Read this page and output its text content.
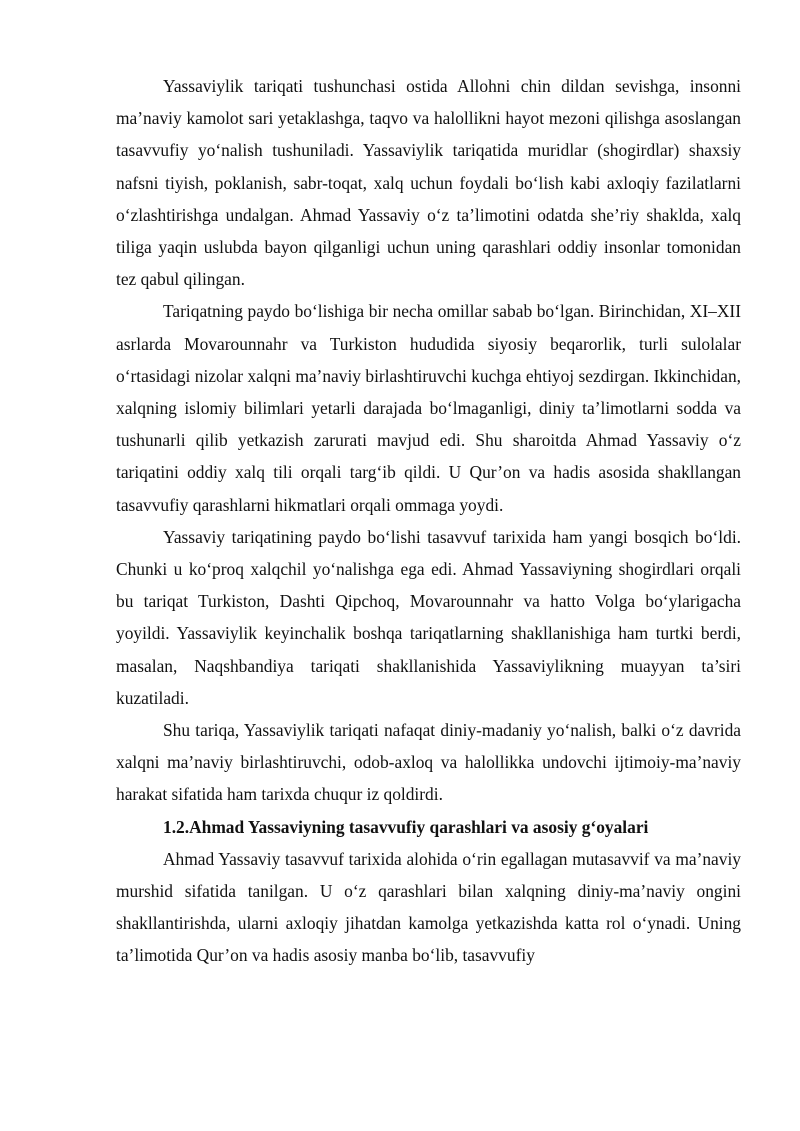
Yassaviylik tariqati tushunchasi ostida Allohni chin dildan sevishga, insonni ma’naviy kamolot sari yetaklashga, taqvo va halollikni hayot mezoni qilishga asoslangan tasavvufiy yo‘nalish tushuniladi. Yassaviylik tariqatida muridlar (shogirdlar) shaxsiy nafsni tiyish, poklanish, sabr-toqat, xalq uchun foydali bo‘lish kabi axloqiy fazilatlarni o‘zlashtirishga undalgan. Ahmad Yassaviy o‘z ta’limotini odatda she’riy shaklda, xalq tiliga yaqin uslubda bayon qilganligi uchun uning qarashlari oddiy insonlar tomonidan tez qabul qilingan.

Tariqatning paydo bo‘lishiga bir necha omillar sabab bo‘lgan. Birinchidan, XI–XII asrlarda Movarounnahr va Turkiston hududida siyosiy beqarorlik, turli sulolalar o‘rtasidagi nizolar xalqni ma’naviy birlashtiruvchi kuchga ehtiyoj sezdirgan. Ikkinchidan, xalqning islomiy bilimlari yetarli darajada bo‘lmaganligi, diniy ta’limotlarni sodda va tushunarli qilib yetkazish zarurati mavjud edi. Shu sharoitda Ahmad Yassaviy o‘z tariqatini oddiy xalq tili orqali targ‘ib qildi. U Qur’on va hadis asosida shakllangan tasavvufiy qarashlarni hikmatlari orqali ommaga yoydi.

Yassaviy tariqatining paydo bo‘lishi tasavvuf tarixida ham yangi bosqich bo‘ldi. Chunki u ko‘proq xalqchil yo‘nalishga ega edi. Ahmad Yassaviyning shogirdlari orqali bu tariqat Turkiston, Dashti Qipchoq, Movarounnahr va hatto Volga bo‘ylarigacha yoyildi. Yassaviylik keyinchalik boshqa tariqatlarning shakllanishiga ham turtki berdi, masalan, Naqshbandiya tariqati shakllanishida Yassaviylikning muayyan ta’siri kuzatiladi.

Shu tariqa, Yassaviylik tariqati nafaqat diniy-madaniy yo‘nalish, balki o‘z davrida xalqni ma’naviy birlashtiruvchi, odob-axloq va halollikka undovchi ijtimoiy-ma’naviy harakat sifatida ham tarixda chuqur iz qoldirdi.

1.2.Ahmad Yassaviyning tasavvufiy qarashlari va asosiy g‘oyalari

Ahmad Yassaviy tasavvuf tarixida alohida o‘rin egallagan mutasavvif va ma’naviy murshid sifatida tanilgan. U o‘z qarashlari bilan xalqning diniy-ma’naviy ongini shakllantirishda, ularni axloqiy jihatdan kamolga yetkazishda katta rol o‘ynadi. Uning ta’limotida Qur’on va hadis asosiy manba bo‘lib, tasavvufiy
